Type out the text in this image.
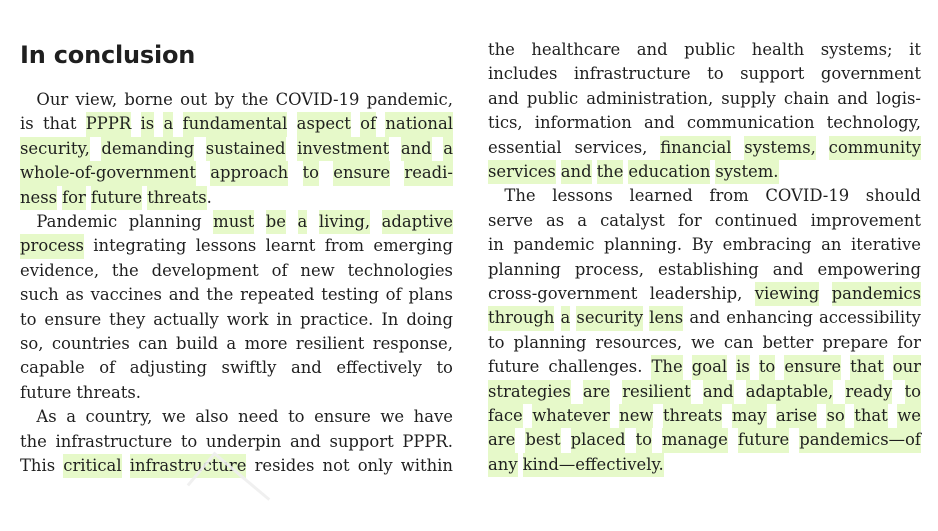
In conclusion
 Our view, borne out by the COVID-19 pandemic,
is that PPPR is a fundamental aspect of national
security, demanding sustained investment and a
whole-of-government approach to ensure readi-
ness for future threats .
 Pandemic planning must be a living, adaptive
process integrating lessons learnt from emerging
evidence, the development of new technologies
such as vaccines and the repeated testing of plans
to ensure they actually work in practice. In doing
so, countries can build a more resilient response,
capable of adjusting swiftly and effectively to
future threats.
 As a country, we also need to ensure we have
the infrastructure to underpin and support PPPR.
This critical infrastructure resides not only within
the healthcare and public health systems; it
includes infrastructure to support government
and public administration, supply chain and logis-
tics, information and communication technology,
essential services, financial systems, community
services and the education system.
 The lessons learned from COVID-19 should
serve as a catalyst for continued improvement
in pandemic planning. By embracing an iterative
planning process, establishing and empowering
cross-government leadership, viewing pandemics
through a security lens and enhancing accessibility
to planning resources, we can better prepare for
future challenges. The goal is to ensure that our
strategies are resilient and adaptable, ready to
face whatever new threats may arise so that we
are best placed to manage future pandemics—of
any kind—effectively.
